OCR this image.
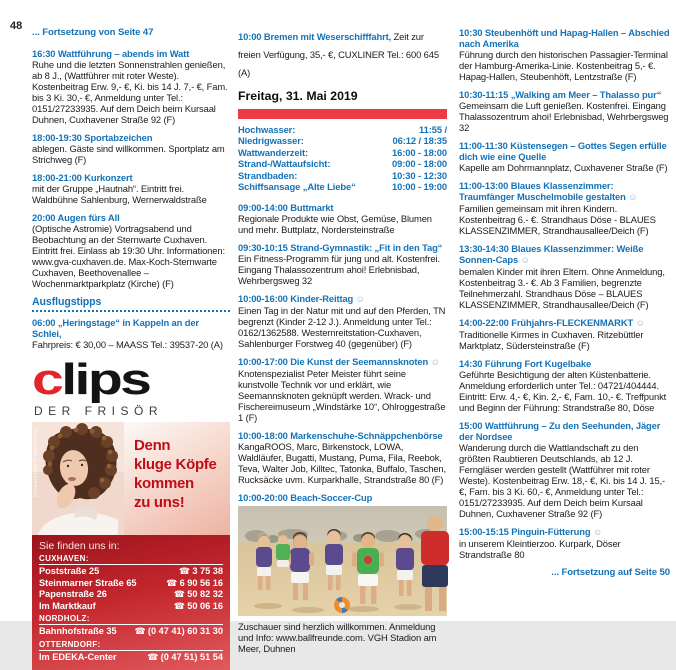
48
... Fortsetzung von Seite 47
16:30 Wattführung – abends im Watt
Ruhe und die letzten Sonnenstrahlen genießen, ab 8 J., (Wattführer mit roter Weste). Kostenbeitrag Erw. 9,- €, Ki. bis 14 J. 7,- €, Fam. bis 3 Ki. 30,- €, Anmeldung unter Tel.: 0151/27233935. Auf dem Deich beim Kursaal Duhnen, Cuxhavener Straße 92 (F)
18:00-19:30 Sportabzeichen
ablegen. Gäste sind willkommen. Sportplatz am Strichweg (F)
18:00-21:00 Kurkonzert
mit der Gruppe „Hautnah“. Eintritt frei. Waldbühne Sahlenburg, Wernerwaldstraße
20:00 Augen fürs All
(Optische Astromie) Vortragsabend und Beobachtung an der Sternwarte Cuxhaven. Eintritt frei. Einlass ab 19:30 Uhr. Informationen: www.gva-cuxhaven.de. Max-Koch-Sternwarte Cuxhaven, Beethovenallee – Wochenmarktparkplatz (Kirche) (F)
Ausflugstipps
06:00 „Heringstage“ in Kappeln an der Schlei,
Fahrpreis: € 30,00 – MAASS Tel.: 39537-20 (A)
clips
DER FRISÖR
Schwarzkopf Professional	Denn
kluge Köpfe
kommen
zu uns!
Sie finden uns in:
CUXHAVEN:
Poststraße 25	☎ 3 75 38
Steinmarner Straße 65	☎ 6 90 56 16
Papenstraße 26	☎ 50 82 32
Im Marktkauf	☎ 50 06 16
NORDHOLZ:
Bahnhofstraße 35 ☎ (0 47 41) 60 31 30
OTTERNDORF:
Im EDEKA-Center	☎ (0 47 51) 51 54
10:00 Bremen mit Weserschifffahrt, Zeit zur freien Verfügung, 35,- €, CUXLINER Tel.: 600 645 (A)
Freitag, 31. Mai 2019
Hochwasser:	11:55 /
Niedrigwasser:	06:12 / 18:35
Wattwanderzeit:	16:00 - 18:00
Strand-/Wattaufsicht:	09:00 - 18:00
Strandbaden:	10:30 - 12:30
Schiffsansage „Alte Liebe“	10:00 - 19:00
09:00-14:00 Buttmarkt
Regionale Produkte wie Obst, Gemüse, Blumen und mehr. Buttplatz, Nordersteinstraße
09:30-10:15 Strand-Gymnastik: „Fit in den Tag“
Ein Fitness-Programm für jung und alt. Kostenfrei. Eingang Thalassozentrum ahoi! Erlebnisbad, Wehrbergsweg 32
10:00-16:00 Kinder-Reittag ☺
Einen Tag in der Natur mit und auf den Pferden, TN begrenzt (Kinder 2-12 J.). Anmeldung unter Tel.: 0162/1362588. Westernreitstation-Cuxhaven, Sahlenburger Forstweg 40 (gegenüber) (F)
10:00-17:00 Die Kunst der Seemannsknoten ☺
Knotenspezialist Peter Meister führt seine kunstvolle Technik vor und erklärt, wie Seemannsknoten geknüpft werden. Wrack- und Fischereimuseum „Windstärke 10“, Ohlroggestraße 1 (F)
10:00-18:00 Markenschuhe-Schnäppchenbörse
KangaROOS, Marc, Birkenstock, LOWA, Waldläufer, Bugatti, Mustang, Puma, Fila, Reebok, Teva, Walter Job, Killtec, Tatonka, Buffalo, Taschen, Rucksäcke uvm. Kurparkhalle, Strandstraße 80 (F)
10:00-20:00 Beach-Soccer-Cup
Zuschauer sind herzlich willkommen. Anmeldung und Info: www.ballfreunde.com. VGH Stadion am Meer, Duhnen
10:30 Steubenhöft und Hapag-Hallen – Abschied nach Amerika
Führung durch den historischen Passagier-Terminal der Hamburg-Amerika-Linie. Kostenbeitrag 5,- €. Hapag-Hallen, Steubenhöft, Lentzstraße (F)
10:30-11:15 „Walking am Meer – Thalasso pur“
Gemeinsam die Luft genießen. Kostenfrei. Eingang Thalassozentrum ahoi! Erlebnisbad, Wehrbergsweg 32
11:00-11:30 Küstensegen – Gottes Segen erfülle dich wie eine Quelle
Kapelle am Dohrmannplatz, Cuxhavener Straße (F)
11:00-13:00 Blaues Klassenzimmer: Traumfänger Muschelmobile gestalten ☺
Familien gemeinsam mit ihren Kindern. Kostenbeitrag 6.- €. Strandhaus Döse - BLAUES KLASSENZIMMER, Strandhausallee/Deich (F)
13:30-14:30 Blaues Klassenzimmer: Weiße Sonnen-Caps ☺
bemalen Kinder mit ihren Eltern. Ohne Anmeldung, Kostenbeitrag 3.- €. Ab 3 Familien, begrenzte Teilnehmerzahl. Strandhaus Döse – BLAUES KLASSENZIMMER, Strandhausallee/Deich (F)
14:00-22:00 Frühjahrs-FLECKENMARKT ☺
Traditionelle Kirmes in Cuxhaven. Ritzebüttler Marktplatz, Südersteinstraße (F)
14:30 Führung Fort Kugelbake
Geführte Besichtigung der alten Küstenbatterie. Anmeldung erforderlich unter Tel.: 04721/404444. Eintritt: Erw. 4,- €, Kin. 2,- €, Fam. 10,- €. Treffpunkt und Beginn der Führung: Strandstraße 80, Döse
15:00 Wattführung – Zu den Seehunden, Jäger der Nordsee
Wanderung durch die Wattlandschaft zu den größten Raubtieren Deutschlands, ab 12 J. Ferngläser werden gestellt (Wattführer mit roter Weste). Kostenbeitrag Erw. 18,- €, Ki. bis 14 J. 15,- €, Fam. bis 3 Ki. 60,- €, Anmeldung unter Tel.: 0151/27233935. Auf dem Deich beim Kursaal Duhnen, Cuxhavener Straße 92 (F)
15:00-15:15 Pinguin-Fütterung ☺
in unserem Kleintierzoo. Kurpark, Döser Strandstraße 80
... Fortsetzung auf Seite 50
